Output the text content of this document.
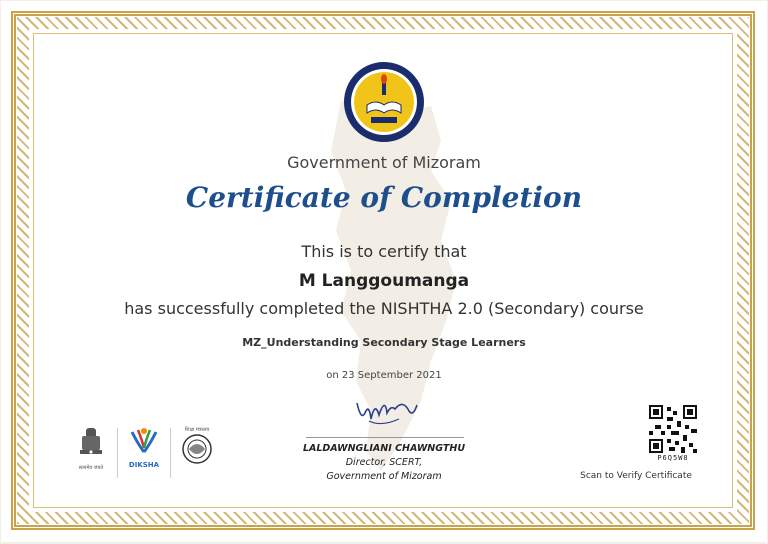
Government of Mizoram
Certificate of Completion
This is to certify that
M Langgoumanga
has successfully completed the NISHTHA 2.0 (Secondary) course
MZ_Understanding Secondary Stage Learners
on 23 September 2021
LALDAWNGLIANI CHAWNGTHU
Director, SCERT,
Government of Mizoram
सत्यमेव जयते	DIKSHA
शिक्षा मंत्रालय
P6Q5W8
Scan to Verify Certificate
